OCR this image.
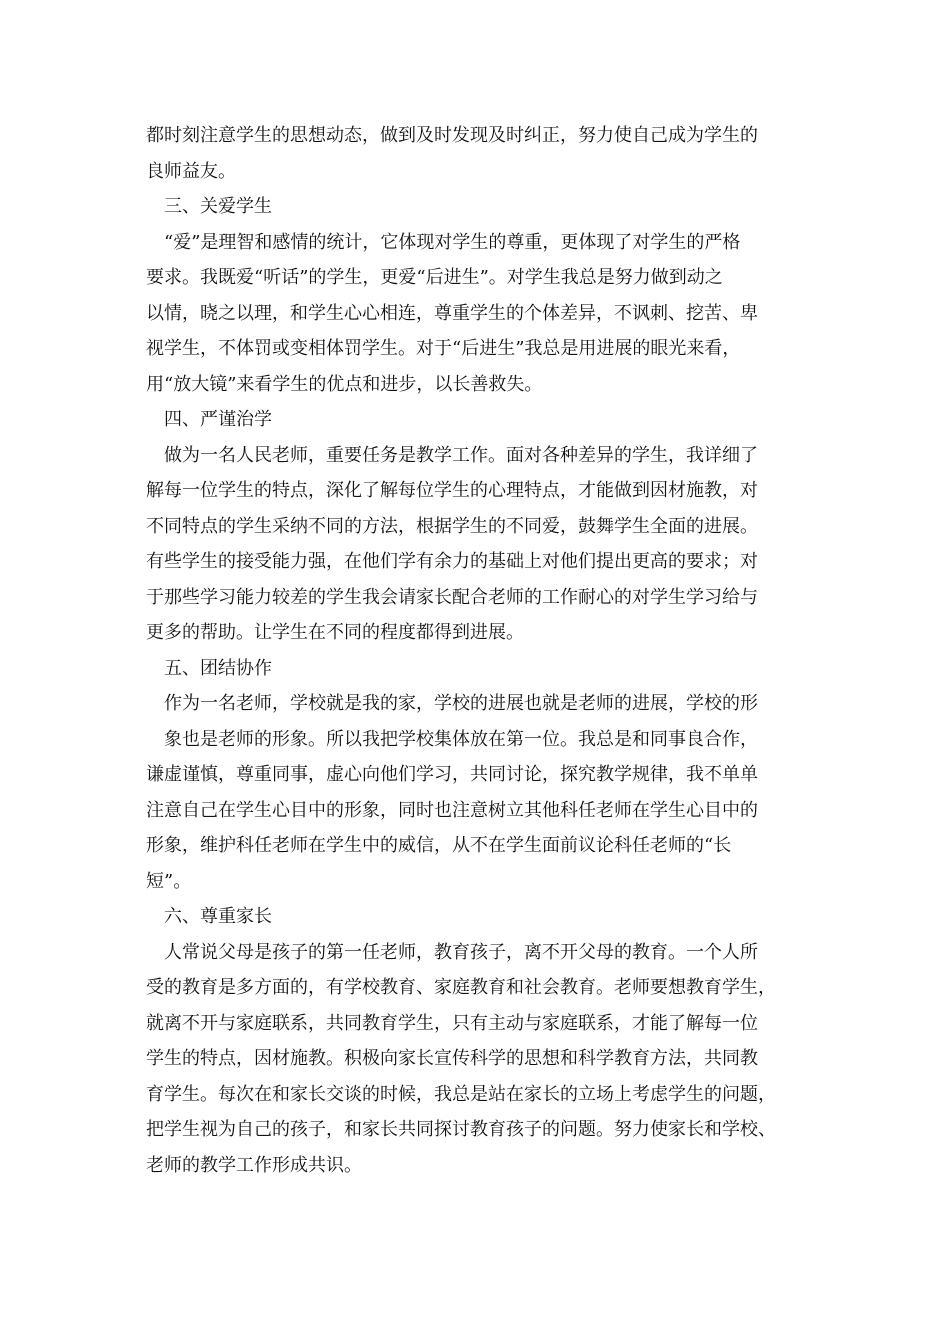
都时刻注意学生的思想动态，做到及时发现及时纠正，努力使自己成为学生的
良师益友。
三、关爱学生
“爱”是理智和感情的统计，它体现对学生的尊重，更体现了对学生的严格
要求。我既爱“听话”的学生，更爱“后进生”。对学生我总是努力做到动之
以情，晓之以理，和学生心心相连，尊重学生的个体差异，不讽刺、挖苦、卑
视学生，不体罚或变相体罚学生。对于“后进生”我总是用进展的眼光来看，
用“放大镜”来看学生的优点和进步，以长善救失。
四、严谨治学
做为一名人民老师，重要任务是教学工作。面对各种差异的学生，我详细了
解每一位学生的特点，深化了解每位学生的心理特点，才能做到因材施教，对
不同特点的学生采纳不同的方法，根据学生的不同爱，鼓舞学生全面的进展。
有些学生的接受能力强，在他们学有余力的基础上对他们提出更高的要求；对
于那些学习能力较差的学生我会请家长配合老师的工作耐心的对学生学习给与
更多的帮助。让学生在不同的程度都得到进展。
五、团结协作
作为一名老师，学校就是我的家，学校的进展也就是老师的进展，学校的形
象也是老师的形象。所以我把学校集体放在第一位。我总是和同事良合作，
谦虚谨慎，尊重同事，虚心向他们学习，共同讨论，探究教学规律，我不单单
注意自己在学生心目中的形象，同时也注意树立其他科任老师在学生心目中的
形象，维护科任老师在学生中的威信，从不在学生面前议论科任老师的“长
短”。
六、尊重家长
人常说父母是孩子的第一任老师，教育孩子，离不开父母的教育。一个人所
受的教育是多方面的，有学校教育、家庭教育和社会教育。老师要想教育学生，
就离不开与家庭联系，共同教育学生，只有主动与家庭联系，才能了解每一位
学生的特点，因材施教。积极向家长宣传科学的思想和科学教育方法，共同教
育学生。每次在和家长交谈的时候，我总是站在家长的立场上考虑学生的问题，
把学生视为自己的孩子，和家长共同探讨教育孩子的问题。努力使家长和学校、
老师的教学工作形成共识。
